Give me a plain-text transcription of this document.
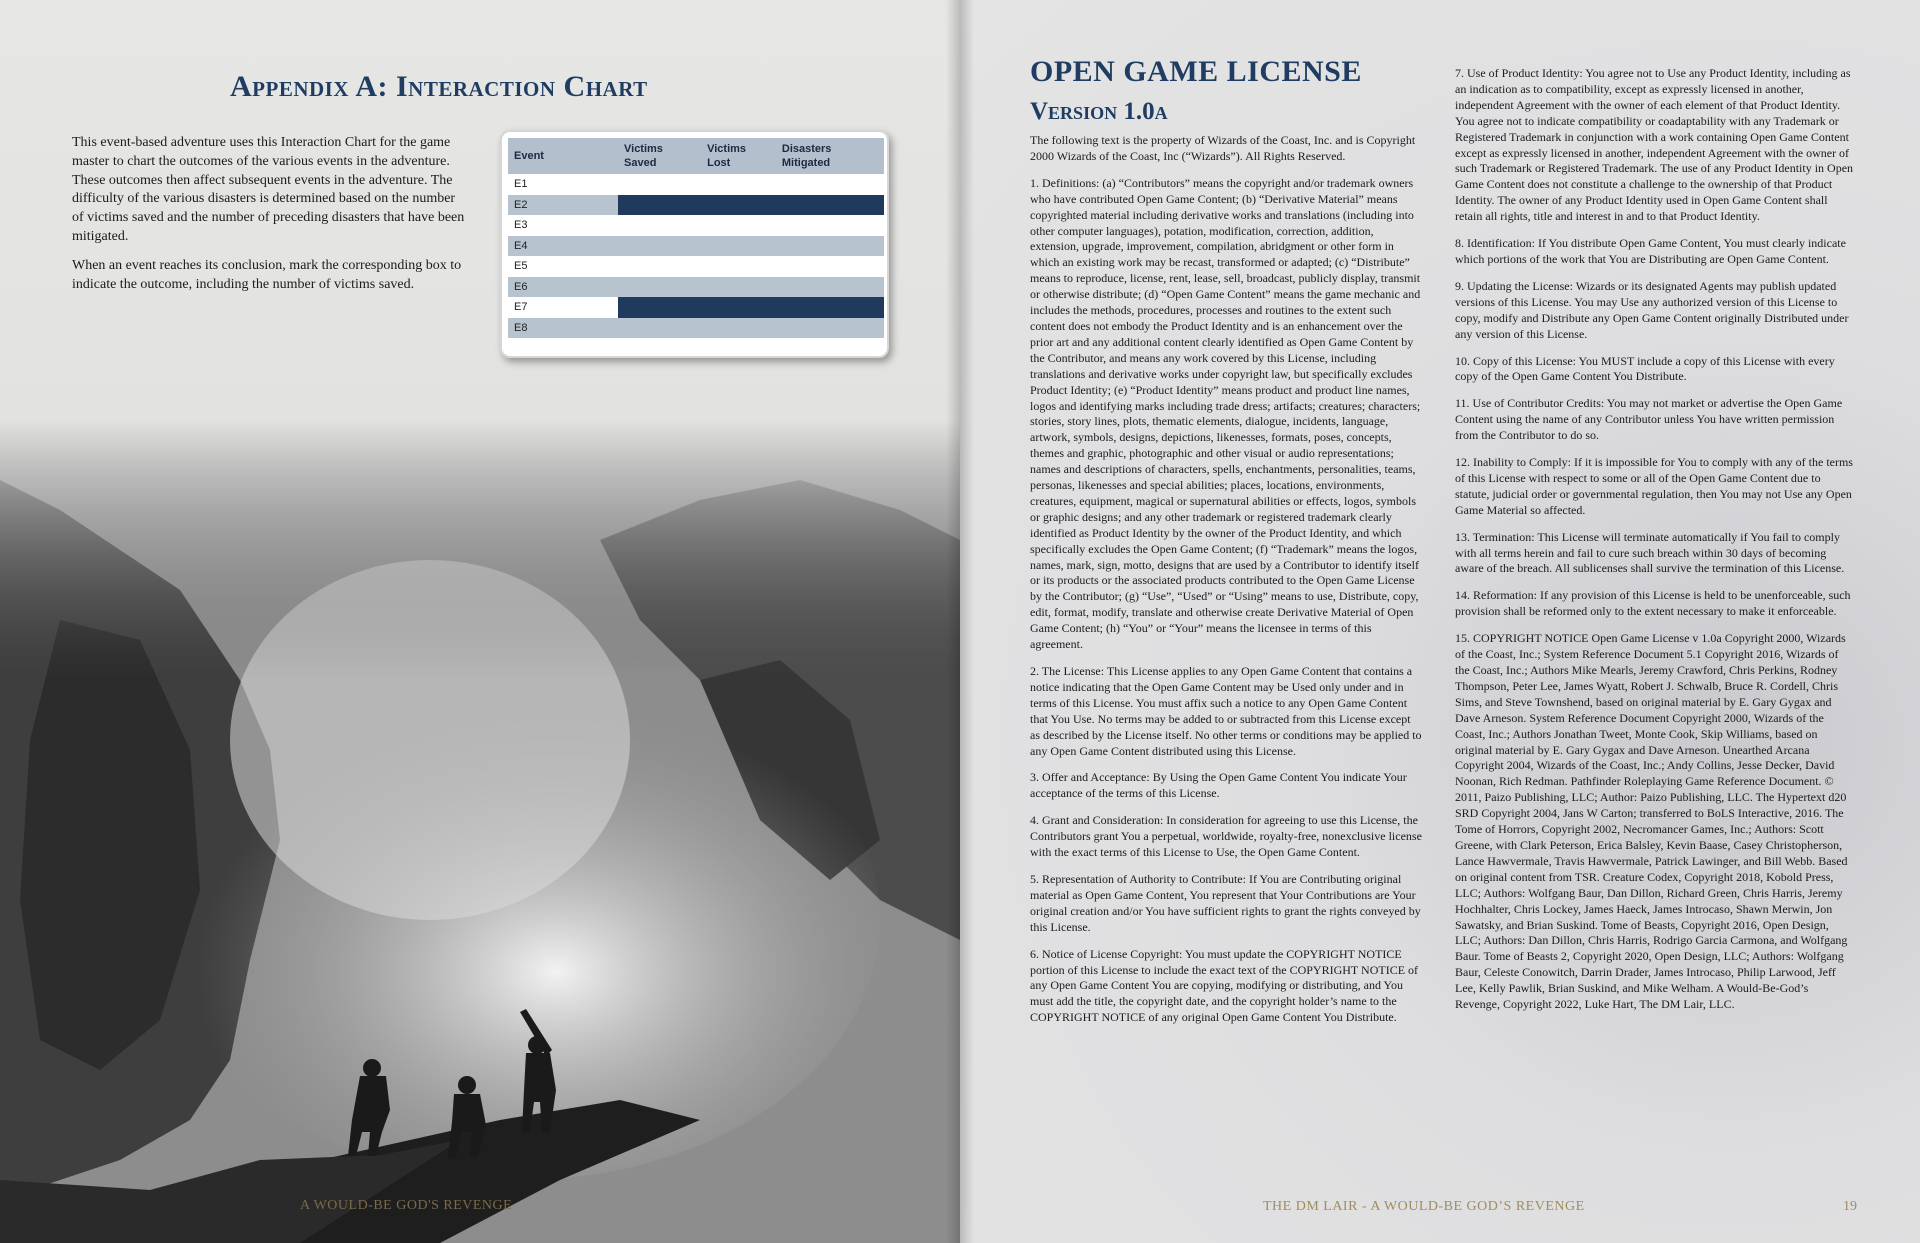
Appendix A: Interaction Chart

This event-based adventure uses this Interaction Chart for the game master to chart the outcomes of the various events in the adventure. These outcomes then affect subsequent events in the adventure. The difficulty of the various disasters is determined based on the number of victims saved and the number of preceding disasters that have been mitigated.

When an event reaches its conclusion, mark the corresponding box to indicate the outcome, including the number of victims saved.

Event	Victims Saved	Victims Lost	Disasters Mitigated
E1			
E2			
E3			
E4			
E5			
E6			
E7			
E8			
A WOULD-BE GOD'S REVENGE
OPEN GAME LICENSE
Version 1.0a

The following text is the property of Wizards of the Coast, Inc. and is Copyright 2000 Wizards of the Coast, Inc (“Wizards”). All Rights Reserved.

1. Definitions: (a) “Contributors” means the copyright and/or trademark owners who have contributed Open Game Content; (b) “Derivative Material” means copyrighted material including derivative works and translations (including into other computer languages), potation, modification, correction, addition, extension, upgrade, improvement, compilation, abridgment or other form in which an existing work may be recast, transformed or adapted; (c) “Distribute” means to reproduce, license, rent, lease, sell, broadcast, publicly display, transmit or otherwise distribute; (d) “Open Game Content” means the game mechanic and includes the methods, procedures, processes and routines to the extent such content does not embody the Product Identity and is an enhancement over the prior art and any additional content clearly identified as Open Game Content by the Contributor, and means any work covered by this License, including translations and derivative works under copyright law, but specifically excludes Product Identity; (e) “Product Identity” means product and product line names, logos and identifying marks including trade dress; artifacts; creatures; characters; stories, story lines, plots, thematic elements, dialogue, incidents, language, artwork, symbols, designs, depictions, likenesses, formats, poses, concepts, themes and graphic, photographic and other visual or audio representations; names and descriptions of characters, spells, enchantments, personalities, teams, personas, likenesses and special abilities; places, locations, environments, creatures, equipment, magical or supernatural abilities or effects, logos, symbols or graphic designs; and any other trademark or registered trademark clearly identified as Product Identity by the owner of the Product Identity, and which specifically excludes the Open Game Content; (f) “Trademark” means the logos, names, mark, sign, motto, designs that are used by a Contributor to identify itself or its products or the associated products contributed to the Open Game License by the Contributor; (g) “Use”, “Used” or “Using” means to use, Distribute, copy, edit, format, modify, translate and otherwise create Derivative Material of Open Game Content; (h) “You” or “Your” means the licensee in terms of this agreement.

2. The License: This License applies to any Open Game Content that contains a notice indicating that the Open Game Content may be Used only under and in terms of this License. You must affix such a notice to any Open Game Content that You Use. No terms may be added to or subtracted from this License except as described by the License itself. No other terms or conditions may be applied to any Open Game Content distributed using this License.

3. Offer and Acceptance: By Using the Open Game Content You indicate Your acceptance of the terms of this License.

4. Grant and Consideration: In consideration for agreeing to use this License, the Contributors grant You a perpetual, worldwide, royalty-free, nonexclusive license with the exact terms of this License to Use, the Open Game Content.

5. Representation of Authority to Contribute: If You are Contributing original material as Open Game Content, You represent that Your Contributions are Your original creation and/or You have sufficient rights to grant the rights conveyed by this License.

6. Notice of License Copyright: You must update the COPYRIGHT NOTICE portion of this License to include the exact text of the COPYRIGHT NOTICE of any Open Game Content You are copying, modifying or distributing, and You must add the title, the copyright date, and the copyright holder’s name to the COPYRIGHT NOTICE of any original Open Game Content You Distribute.

7. Use of Product Identity: You agree not to Use any Product Identity, including as an indication as to compatibility, except as expressly licensed in another, independent Agreement with the owner of each element of that Product Identity. You agree not to indicate compatibility or coadaptability with any Trademark or Registered Trademark in conjunction with a work containing Open Game Content except as expressly licensed in another, independent Agreement with the owner of such Trademark or Registered Trademark. The use of any Product Identity in Open Game Content does not constitute a challenge to the ownership of that Product Identity. The owner of any Product Identity used in Open Game Content shall retain all rights, title and interest in and to that Product Identity.

8. Identification: If You distribute Open Game Content, You must clearly indicate which portions of the work that You are Distributing are Open Game Content.

9. Updating the License: Wizards or its designated Agents may publish updated versions of this License. You may Use any authorized version of this License to copy, modify and Distribute any Open Game Content originally Distributed under any version of this License.

10. Copy of this License: You MUST include a copy of this License with every copy of the Open Game Content You Distribute.

11. Use of Contributor Credits: You may not market or advertise the Open Game Content using the name of any Contributor unless You have written permission from the Contributor to do so.

12. Inability to Comply: If it is impossible for You to comply with any of the terms of this License with respect to some or all of the Open Game Content due to statute, judicial order or governmental regulation, then You may not Use any Open Game Material so affected.

13. Termination: This License will terminate automatically if You fail to comply with all terms herein and fail to cure such breach within 30 days of becoming aware of the breach. All sublicenses shall survive the termination of this License.

14. Reformation: If any provision of this License is held to be unenforceable, such provision shall be reformed only to the extent necessary to make it enforceable.

15. COPYRIGHT NOTICE Open Game License v 1.0a Copyright 2000, Wizards of the Coast, Inc.; System Reference Document 5.1 Copyright 2016, Wizards of the Coast, Inc.; Authors Mike Mearls, Jeremy Crawford, Chris Perkins, Rodney Thompson, Peter Lee, James Wyatt, Robert J. Schwalb, Bruce R. Cordell, Chris Sims, and Steve Townshend, based on original material by E. Gary Gygax and Dave Arneson. System Reference Document Copyright 2000, Wizards of the Coast, Inc.; Authors Jonathan Tweet, Monte Cook, Skip Williams, based on original material by E. Gary Gygax and Dave Arneson. Unearthed Arcana Copyright 2004, Wizards of the Coast, Inc.; Andy Collins, Jesse Decker, David Noonan, Rich Redman. Pathfinder Roleplaying Game Reference Document. © 2011, Paizo Publishing, LLC; Author: Paizo Publishing, LLC. The Hypertext d20 SRD Copyright 2004, Jans W Carton; transferred to BoLS Interactive, 2016. The Tome of Horrors, Copyright 2002, Necromancer Games, Inc.; Authors: Scott Greene, with Clark Peterson, Erica Balsley, Kevin Baase, Casey Christopherson, Lance Hawvermale, Travis Hawvermale, Patrick Lawinger, and Bill Webb. Based on original content from TSR. Creature Codex, Copyright 2018, Kobold Press, LLC; Authors: Wolfgang Baur, Dan Dillon, Richard Green, Chris Harris, Jeremy Hochhalter, Chris Lockey, James Haeck, James Introcaso, Shawn Merwin, Jon Sawatsky, and Brian Suskind. Tome of Beasts, Copyright 2016, Open Design, LLC; Authors: Dan Dillon, Chris Harris, Rodrigo Garcia Carmona, and Wolfgang Baur. Tome of Beasts 2, Copyright 2020, Open Design, LLC; Authors: Wolfgang Baur, Celeste Conowitch, Darrin Drader, James Introcaso, Philip Larwood, Jeff Lee, Kelly Pawlik, Brian Suskind, and Mike Welham. A Would-Be-God’s Revenge, Copyright 2022, Luke Hart, The DM Lair, LLC.

THE DM LAIR - A WOULD-BE GOD’S REVENGE	19
